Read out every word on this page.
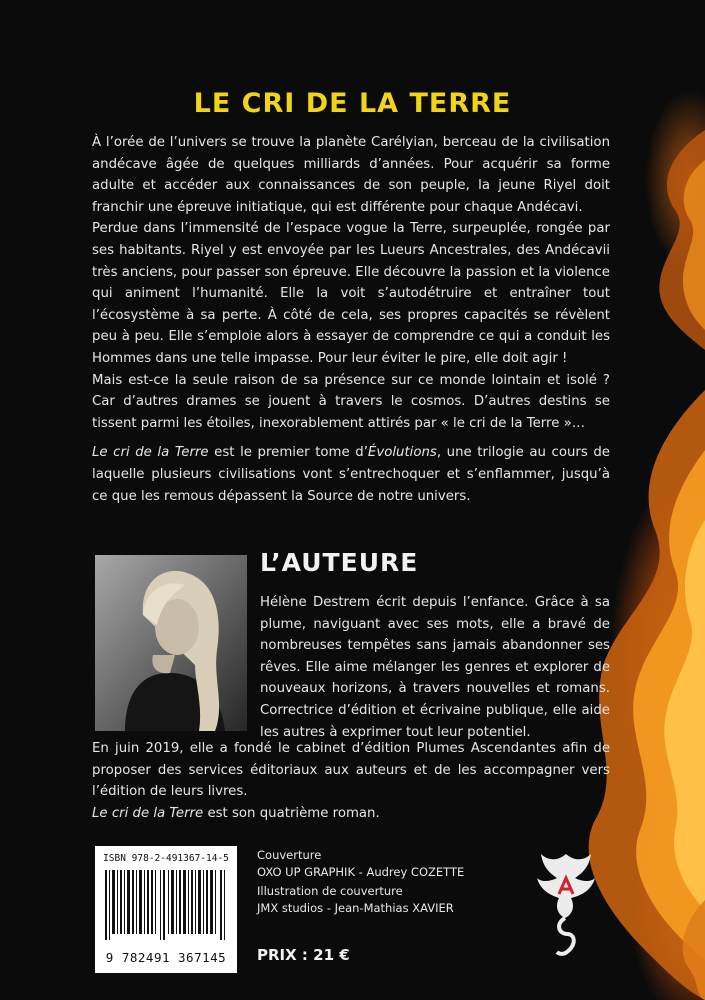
LE CRI DE LA TERRE

À l’orée de l’univers se trouve la planète Carélyian, berceau de la civilisation andécave âgée de quelques milliards d’années. Pour acquérir sa forme adulte et accéder aux connaissances de son peuple, la jeune Riyel doit franchir une épreuve initiatique, qui est différente pour chaque Andécavi.

Perdue dans l’immensité de l’espace vogue la Terre, surpeuplée, rongée par ses habitants. Riyel y est envoyée par les Lueurs Ancestrales, des Andécavii très anciens, pour passer son épreuve. Elle découvre la passion et la violence qui animent l’humanité. Elle la voit s’autodétruire et entraîner tout l’écosystème à sa perte. À côté de cela, ses propres capacités se révèlent peu à peu. Elle s’emploie alors à essayer de comprendre ce qui a conduit les Hommes dans une telle impasse. Pour leur éviter le pire, elle doit agir !

Mais est-ce la seule raison de sa présence sur ce monde lointain et isolé ? Car d’autres drames se jouent à travers le cosmos. D’autres destins se tissent parmi les étoiles, inexorablement attirés par « le cri de la Terre »…

Le cri de la Terre est le premier tome d’Évolutions, une trilogie au cours de laquelle plusieurs civilisations vont s’entrechoquer et s’enflammer, jusqu’à ce que les remous dépassent la Source de notre univers.

L’AUTEURE

Hélène Destrem écrit depuis l’enfance. Grâce à sa plume, naviguant avec ses mots, elle a bravé de nombreuses tempêtes sans jamais abandonner ses rêves. Elle aime mélanger les genres et explorer de nouveaux horizons, à travers nouvelles et romans. Correctrice d’édition et écrivaine publique, elle aide les autres à exprimer tout leur potentiel.

En juin 2019, elle a fondé le cabinet d’édition Plumes Ascendantes afin de proposer des services éditoriaux aux auteurs et de les accompagner vers l’édition de leurs livres.

Le cri de la Terre est son quatrième roman.

ISBN 978-2-491367-14-5
9 782491 367145
Couverture
OXO UP GRAPHIK - Audrey COZETTE
Illustration de couverture
JMX studios - Jean-Mathias XAVIER
PRIX : 21 €
